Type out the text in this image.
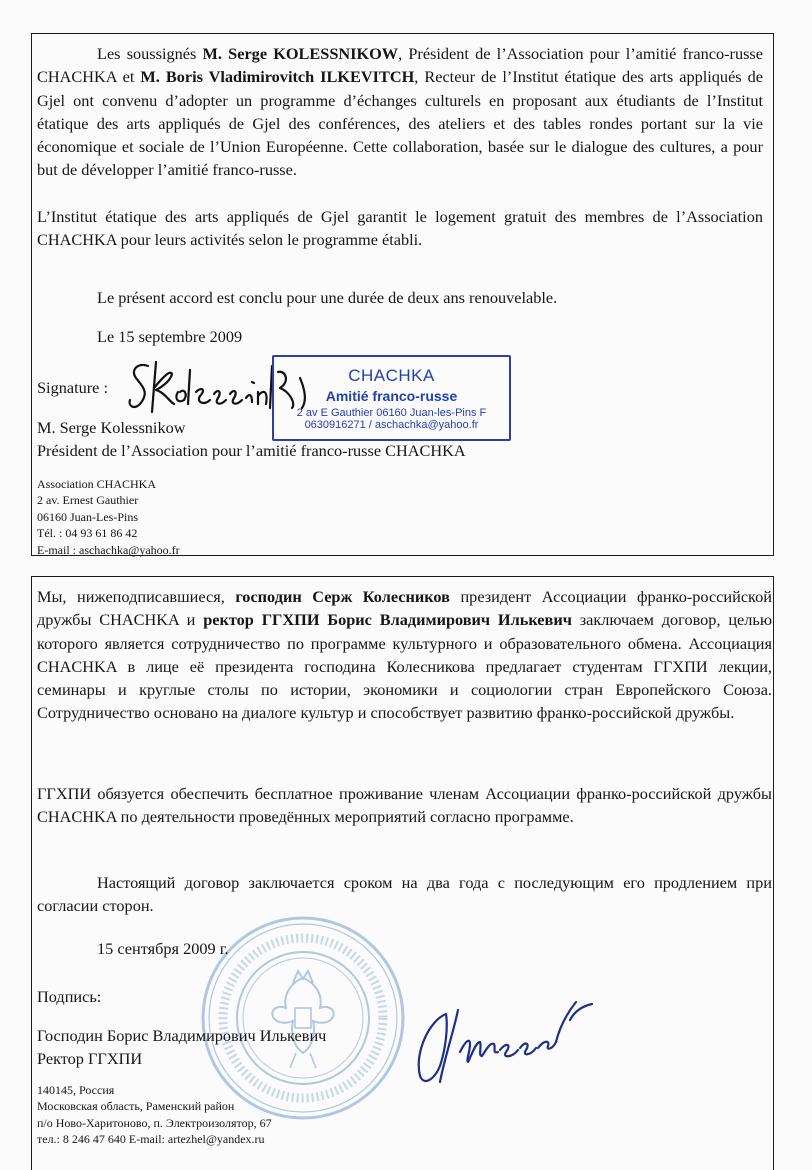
Les soussignés M. Serge KOLESSNIKOW, Président de l’Association pour l’amitié franco-russe CHACHKA et M. Boris Vladimirovitch ILKEVITCH, Recteur de l’Institut étatique des arts appliqués de Gjel ont convenu d’adopter un programme d’échanges culturels en proposant aux étudiants de l’Institut étatique des arts appliqués de Gjel des conférences, des ateliers et des tables rondes portant sur la vie économique et sociale de l’Union Européenne. Cette collaboration, basée sur le dialogue des cultures, a pour but de développer l’amitié franco-russe.

L’Institut étatique des arts appliqués de Gjel garantit le logement gratuit des membres de l’Association CHACHKA pour leurs activités selon le programme établi.

Le présent accord est conclu pour une durée de deux ans renouvelable.

Le 15 septembre 2009

Signature :

CHACHKA
Amitié franco-russe
2 av E Gauthier 06160 Juan-les-Pins F
0630916271 / aschachka@yahoo.fr

M. Serge Kolessnikow

Président de l’Association pour l’amitié franco-russe CHACHKA

Association CHACHKA
2 av. Ernest Gauthier
06160 Juan-Les-Pins
Tél. : 04 93 61 86 42
E-mail : aschachka@yahoo.fr

Мы, нижеподписавшиеся, господин Серж Колесников президент Ассоциации франко-российской дружбы CHACHKA и ректор ГГХПИ Борис Владимирович Илькевич заключаем договор, целью которого является сотрудничество по программе культурного и образовательного обмена. Ассоциация CHACHKA в лице её президента господина Колесникова предлагает студентам ГГХПИ лекции, семинары и круглые столы по истории, экономики и социологии стран Европейского Союза. Сотрудничество основано на диалоге культур и способствует развитию франко-российской дружбы.

ГГХПИ обязуется обеспечить бесплатное проживание членам Ассоциации франко-российской дружбы CHACHKA по деятельности проведённых мероприятий согласно программе.

Настоящий договор заключается сроком на два года с последующим его продлением при согласии сторон.

15 сентября 2009 г.

Подпись:

Господин Борис Владимирович Илькевич

Ректор ГГХПИ

140145, Россия
Московская область, Раменский район
п/о Ново-Харитоново, п. Электроизолятор, 67
тел.: 8 246 47 640 E-mail: artezhel@yandex.ru
